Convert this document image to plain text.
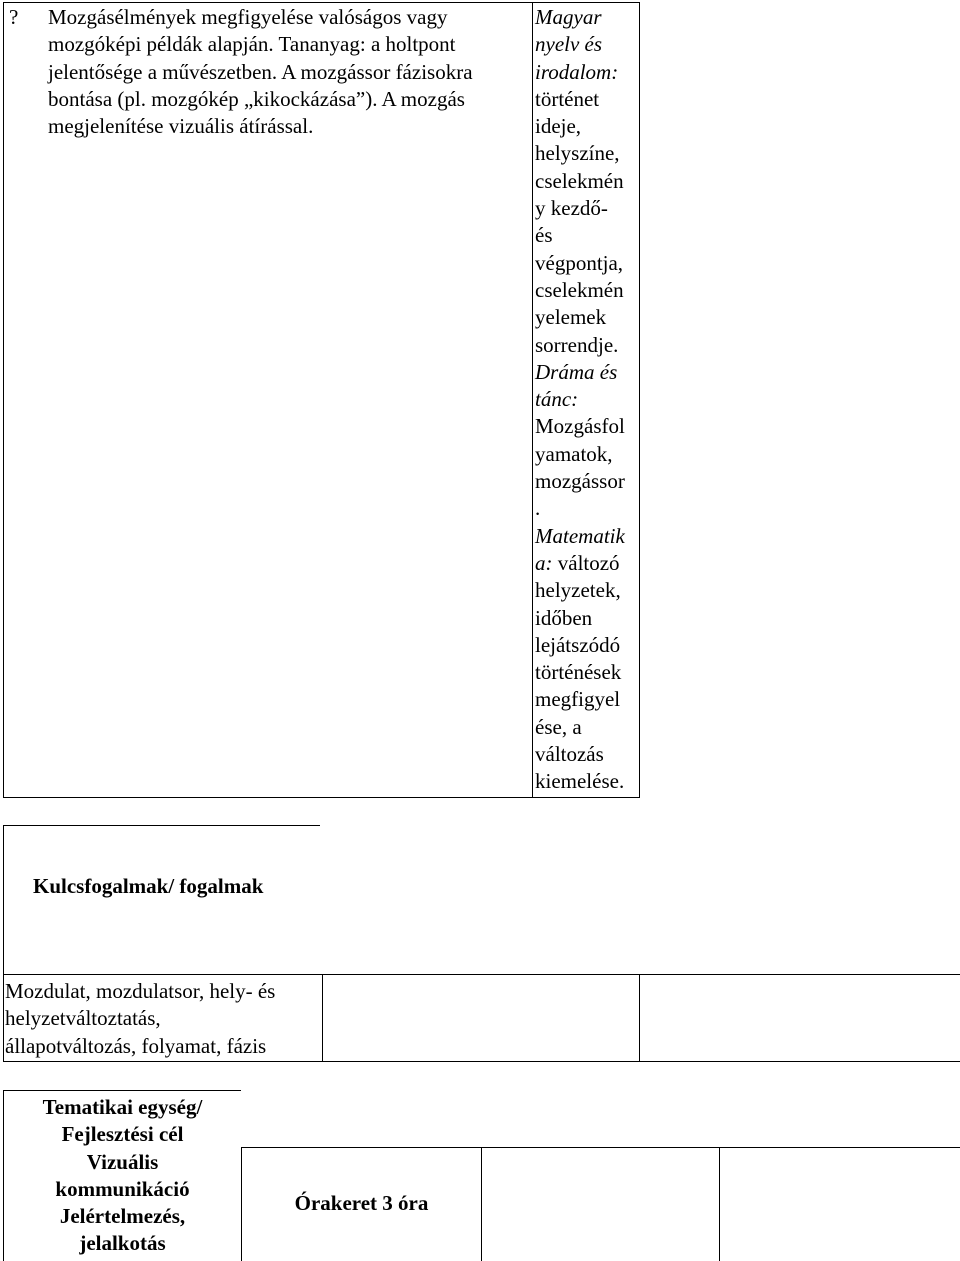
? Mozgásélmények megfigyelése valóságos vagy
mozgóképi példák alapján. Tananyag: a holtpont
jelentősége a művészetben. A mozgássor fázisokra
bontása (pl. mozgókép „kikockázása”). A mozgás
megjelenítése vizuális átírással.
Magyar
nyelv és
irodalom:
történet
ideje,
helyszíne,
cselekmén
y kezdő-
és
végpontja,
cselekmén
yelemek
sorrendje.
Dráma és
tánc:
Mozgásfol
yamatok,
mozgássor
.
Matematik
a: változó
helyzetek,
időben
lejátszódó
történések
megfigyel
ése, a
változás
kiemelése.
Kulcsfogalmak/ fogalmak
Mozdulat, mozdulatsor, hely- és
helyzetváltoztatás,
állapotváltozás, folyamat, fázis
Tematikai egység/
Fejlesztési cél
Vizuális
kommunikáció
Jelértelmezés,
jelalkotás
Órakeret 3 óra
